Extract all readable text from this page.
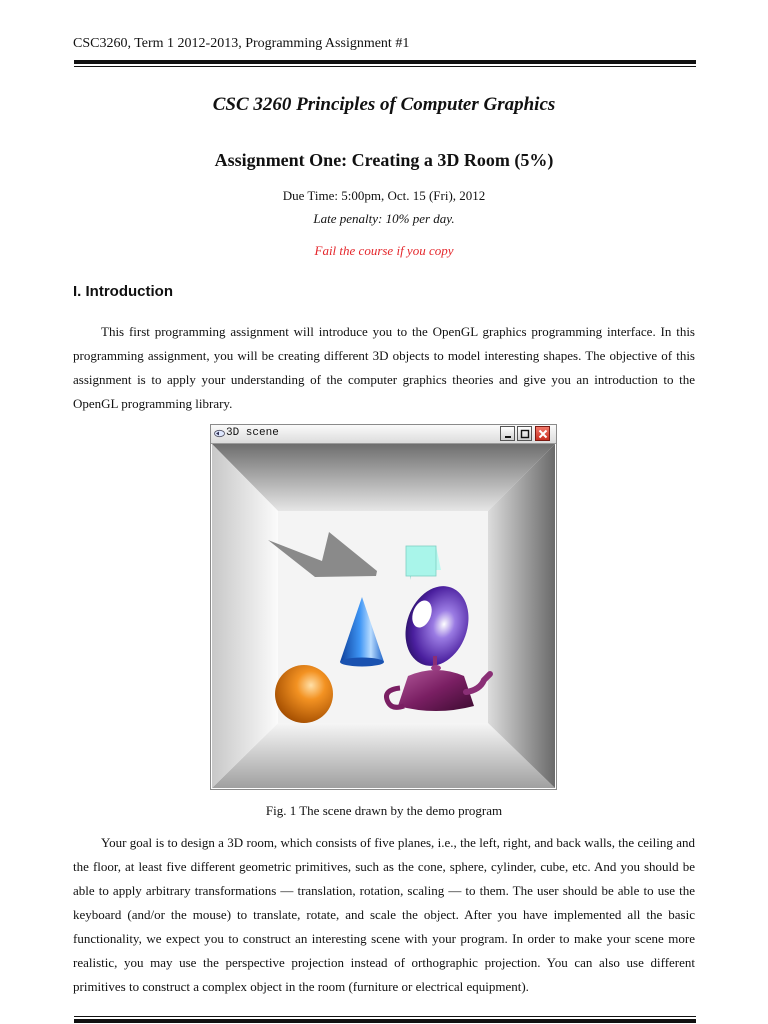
CSC3260, Term 1 2012-2013, Programming Assignment #1
CSC 3260 Principles of Computer Graphics
Assignment One: Creating a 3D Room (5%)
Due Time: 5:00pm, Oct. 15 (Fri), 2012
Late penalty: 10% per day.
Fail the course if you copy
I. Introduction

This first programming assignment will introduce you to the OpenGL graphics programming interface. In this programming assignment, you will be creating different 3D objects to model interesting shapes. The objective of this assignment is to apply your understanding of the computer graphics theories and give you an introduction to the OpenGL programming library.

3D scene
Fig. 1 The scene drawn by the demo program

Your goal is to design a 3D room, which consists of five planes, i.e., the left, right, and back walls, the ceiling and the floor, at least five different geometric primitives, such as the cone, sphere, cylinder, cube, etc. And you should be able to apply arbitrary transformations — translation, rotation, scaling — to them. The user should be able to use the keyboard (and/or the mouse) to translate, rotate, and scale the object. After you have implemented all the basic functionality, we expect you to construct an interesting scene with your program. In order to make your scene more realistic, you may use the perspective projection instead of orthographic projection. You can also use different primitives to construct a complex object in the room (furniture or electrical equipment).
